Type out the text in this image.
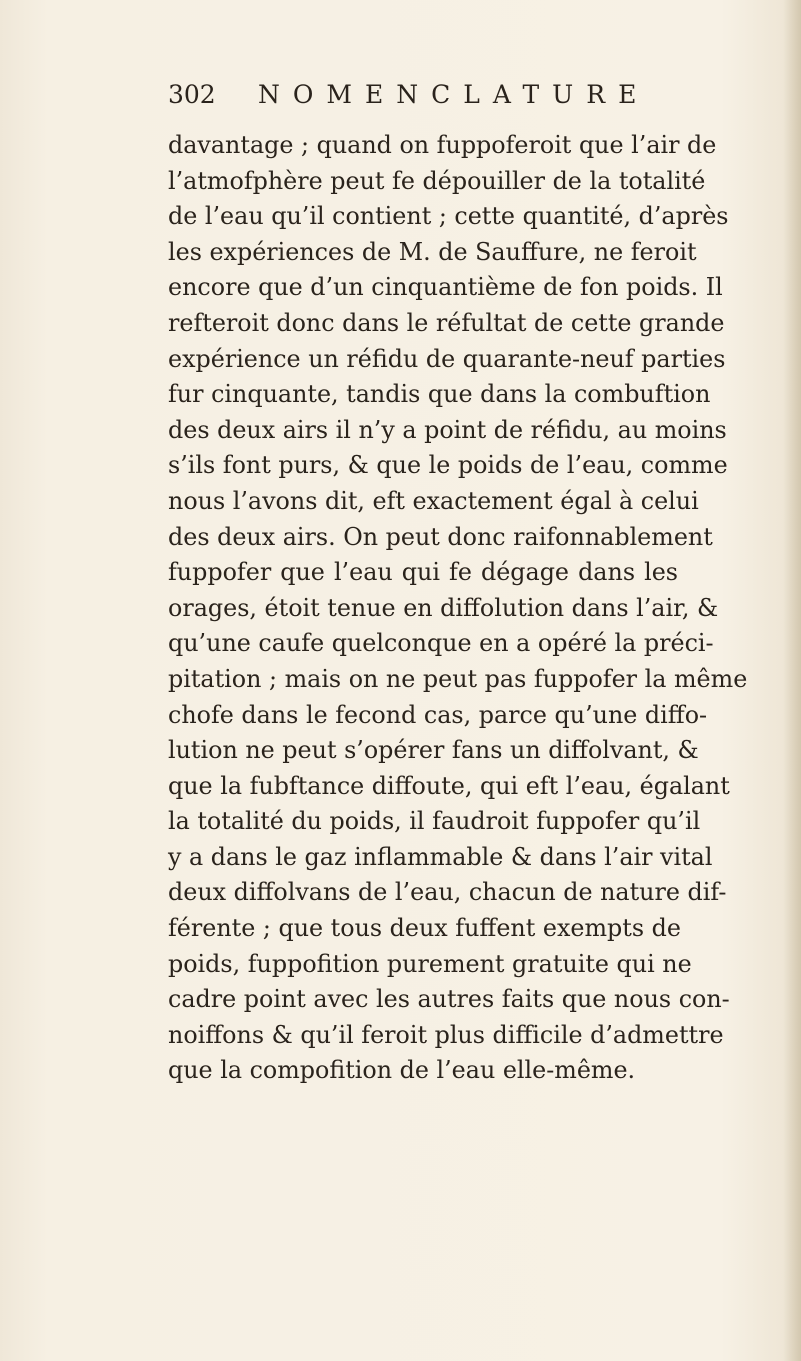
302	NOMENCLATURE
davantage ; quand on fuppoferoit que l’air de
l’atmofphère peut fe dépouiller de la totalité
de l’eau qu’il contient ; cette quantité, d’après
les expériences de M. de Sauffure, ne feroit
encore que d’un cinquantième de fon poids. Il
refteroit donc dans le réfultat de cette grande
expérience un réfidu de quarante-neuf parties
fur cinquante, tandis que dans la combuftion
des deux airs il n’y a point de réfidu, au moins
s’ils font purs, & que le poids de l’eau, comme
nous l’avons dit, eft exactement égal à celui
des deux airs. On peut donc raifonnablement
fuppofer que l’eau qui fe dégage dans les
orages, étoit tenue en diffolution dans l’air, &
qu’une caufe quelconque en a opéré la préci-
pitation ; mais on ne peut pas fuppofer la même
chofe dans le fecond cas, parce qu’une diffo-
lution ne peut s’opérer fans un diffolvant, &
que la fubftance diffoute, qui eft l’eau, égalant
la totalité du poids, il faudroit fuppofer qu’il
y a dans le gaz inflammable & dans l’air vital
deux diffolvans de l’eau, chacun de nature dif-
férente ; que tous deux fuffent exempts de
poids, fuppofition purement gratuite qui ne
cadre point avec les autres faits que nous con-
noiffons & qu’il feroit plus difficile d’admettre
que la compofition de l’eau elle-même.
